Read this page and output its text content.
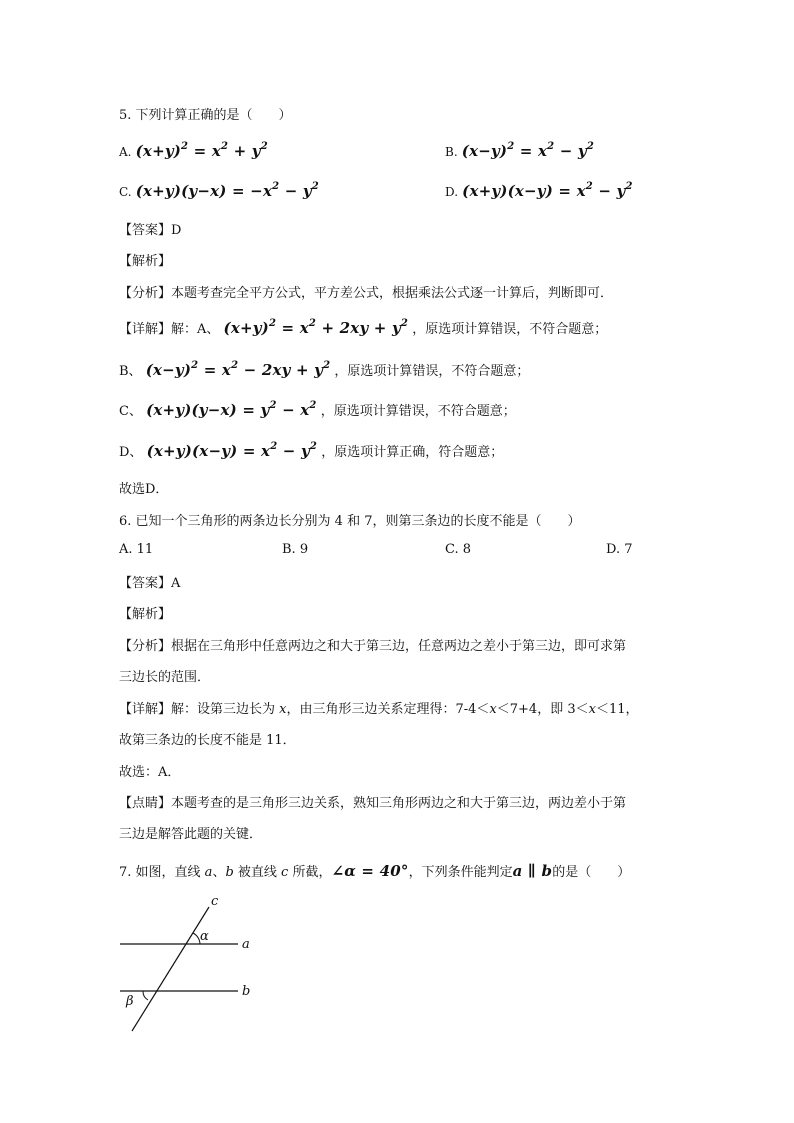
5. 下列计算正确的是（　　）
A. $(x+y)^2 = x^2 + y^2$	B. $(x-y)^2 = x^2 - y^2$
C. $(x+y)(y-x) = -x^2 - y^2$	D. $(x+y)(x-y) = x^2 - y^2$
【答案】D
【解析】
【分析】本题考查完全平方公式，平方差公式，根据乘法公式逐一计算后，判断即可．
【详解】解：A、 $(x+y)^2 = x^2 + 2xy + y^2$ ，原选项计算错误，不符合题意；
B、 $(x-y)^2 = x^2 - 2xy + y^2$ ，原选项计算错误，不符合题意；
C、 $(x+y)(y-x) = y^2 - x^2$ ，原选项计算错误，不符合题意；
D、 $(x+y)(x-y) = x^2 - y^2$ ，原选项计算正确，符合题意；
故选D．
6. 已知一个三角形的两条边长分别为 4 和 7，则第三条边的长度不能是（　　）
A. 11	B. 9	C. 8	D. 7
【答案】A
【解析】
【分析】根据在三角形中任意两边之和大于第三边，任意两边之差小于第三边，即可求第
三边长的范围．
【详解】解：设第三边长为 x，由三角形三边关系定理得：7-4＜x＜7+4，即 3＜x＜11，
故第三条边的长度不能是 11．
故选：A．
【点睛】本题考查的是三角形三边关系，熟知三角形两边之和大于第三边，两边差小于第
三边是解答此题的关键．
7. 如图，直线 a、b 被直线 c 所截，∠α = 40°，下列条件能判定a ∥ b的是（　　）
c
α
a
b
β
